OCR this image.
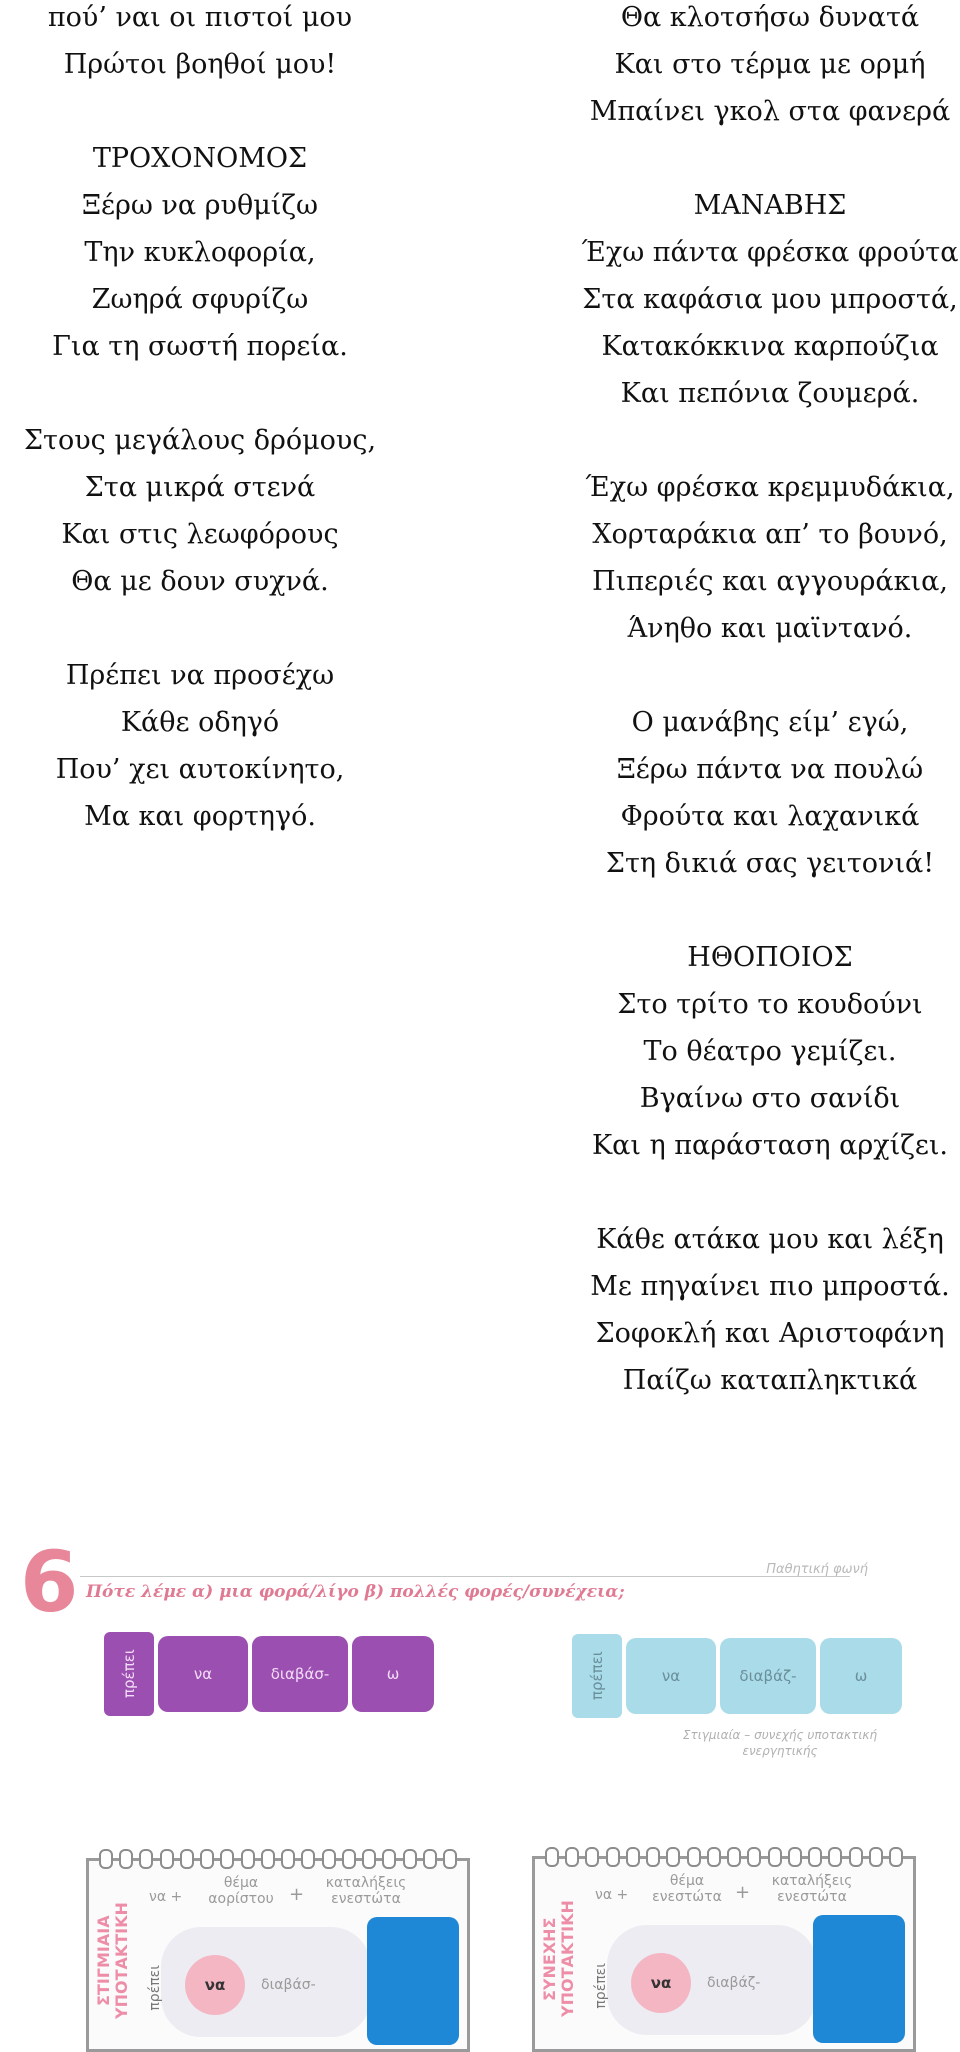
πού’ ναι οι πιστοί μου
Πρώτοι βοηθοί μου!
ΤΡΟΧΟΝΟΜΟΣ
Ξέρω να ρυθμίζω
Την κυκλοφορία,
Ζωηρά σφυρίζω
Για τη σωστή πορεία.
Στους μεγάλους δρόμους,
Στα μικρά στενά
Και στις λεωφόρους
Θα με δουν συχνά.
Πρέπει να προσέχω
Κάθε οδηγό
Που’ χει αυτοκίνητο,
Μα και φορτηγό.
Θα κλοτσήσω δυνατά
Και στο τέρμα με ορμή
Μπαίνει γκολ στα φανερά
ΜΑΝΑΒΗΣ
Έχω πάντα φρέσκα φρούτα
Στα καφάσια μου μπροστά,
Κατακόκκινα καρπούζια
Και πεπόνια ζουμερά.
Έχω φρέσκα κρεμμυδάκια,
Χορταράκια απ’ το βουνό,
Πιπεριές και αγγουράκια,
Άνηθο και μαϊντανό.
Ο μανάβης είμ’ εγώ,
Ξέρω πάντα να πουλώ
Φρούτα και λαχανικά
Στη δικιά σας γειτονιά!
ΗΘΟΠΟΙΟΣ
Στο τρίτο το κουδούνι
Το θέατρο γεμίζει.
Βγαίνω στο σανίδι
Και η παράσταση αρχίζει.
Κάθε ατάκα μου και λέξη
Με πηγαίνει πιο μπροστά.
Σοφοκλή και Αριστοφάνη
Παίζω καταπληκτικά
6	Παθητική φωνή
Πότε λέμε α) μια φορά/λίγο β) πολλές φορές/συνέχεια;
πρέπει	να	διαβάσ-	ω	πρέπει	να	διαβάζ-	ω
Στιγμιαία – συνεχής υποτακτική ενεργητικής
ΣΤΙΓΜΙΑΙΑ ΥΠΟΤΑΚΤΙΚΗ
να +
θέμα αορίστου +
καταλήξεις ενεστώτα
πρέπει	να	διαβάσ-	ΣΥΝΕΧΗΣ ΥΠΟΤΑΚΤΙΚΗ
να +
θέμα ενεστώτα +
καταλήξεις ενεστώτα
πρέπει	να	διαβάζ-
